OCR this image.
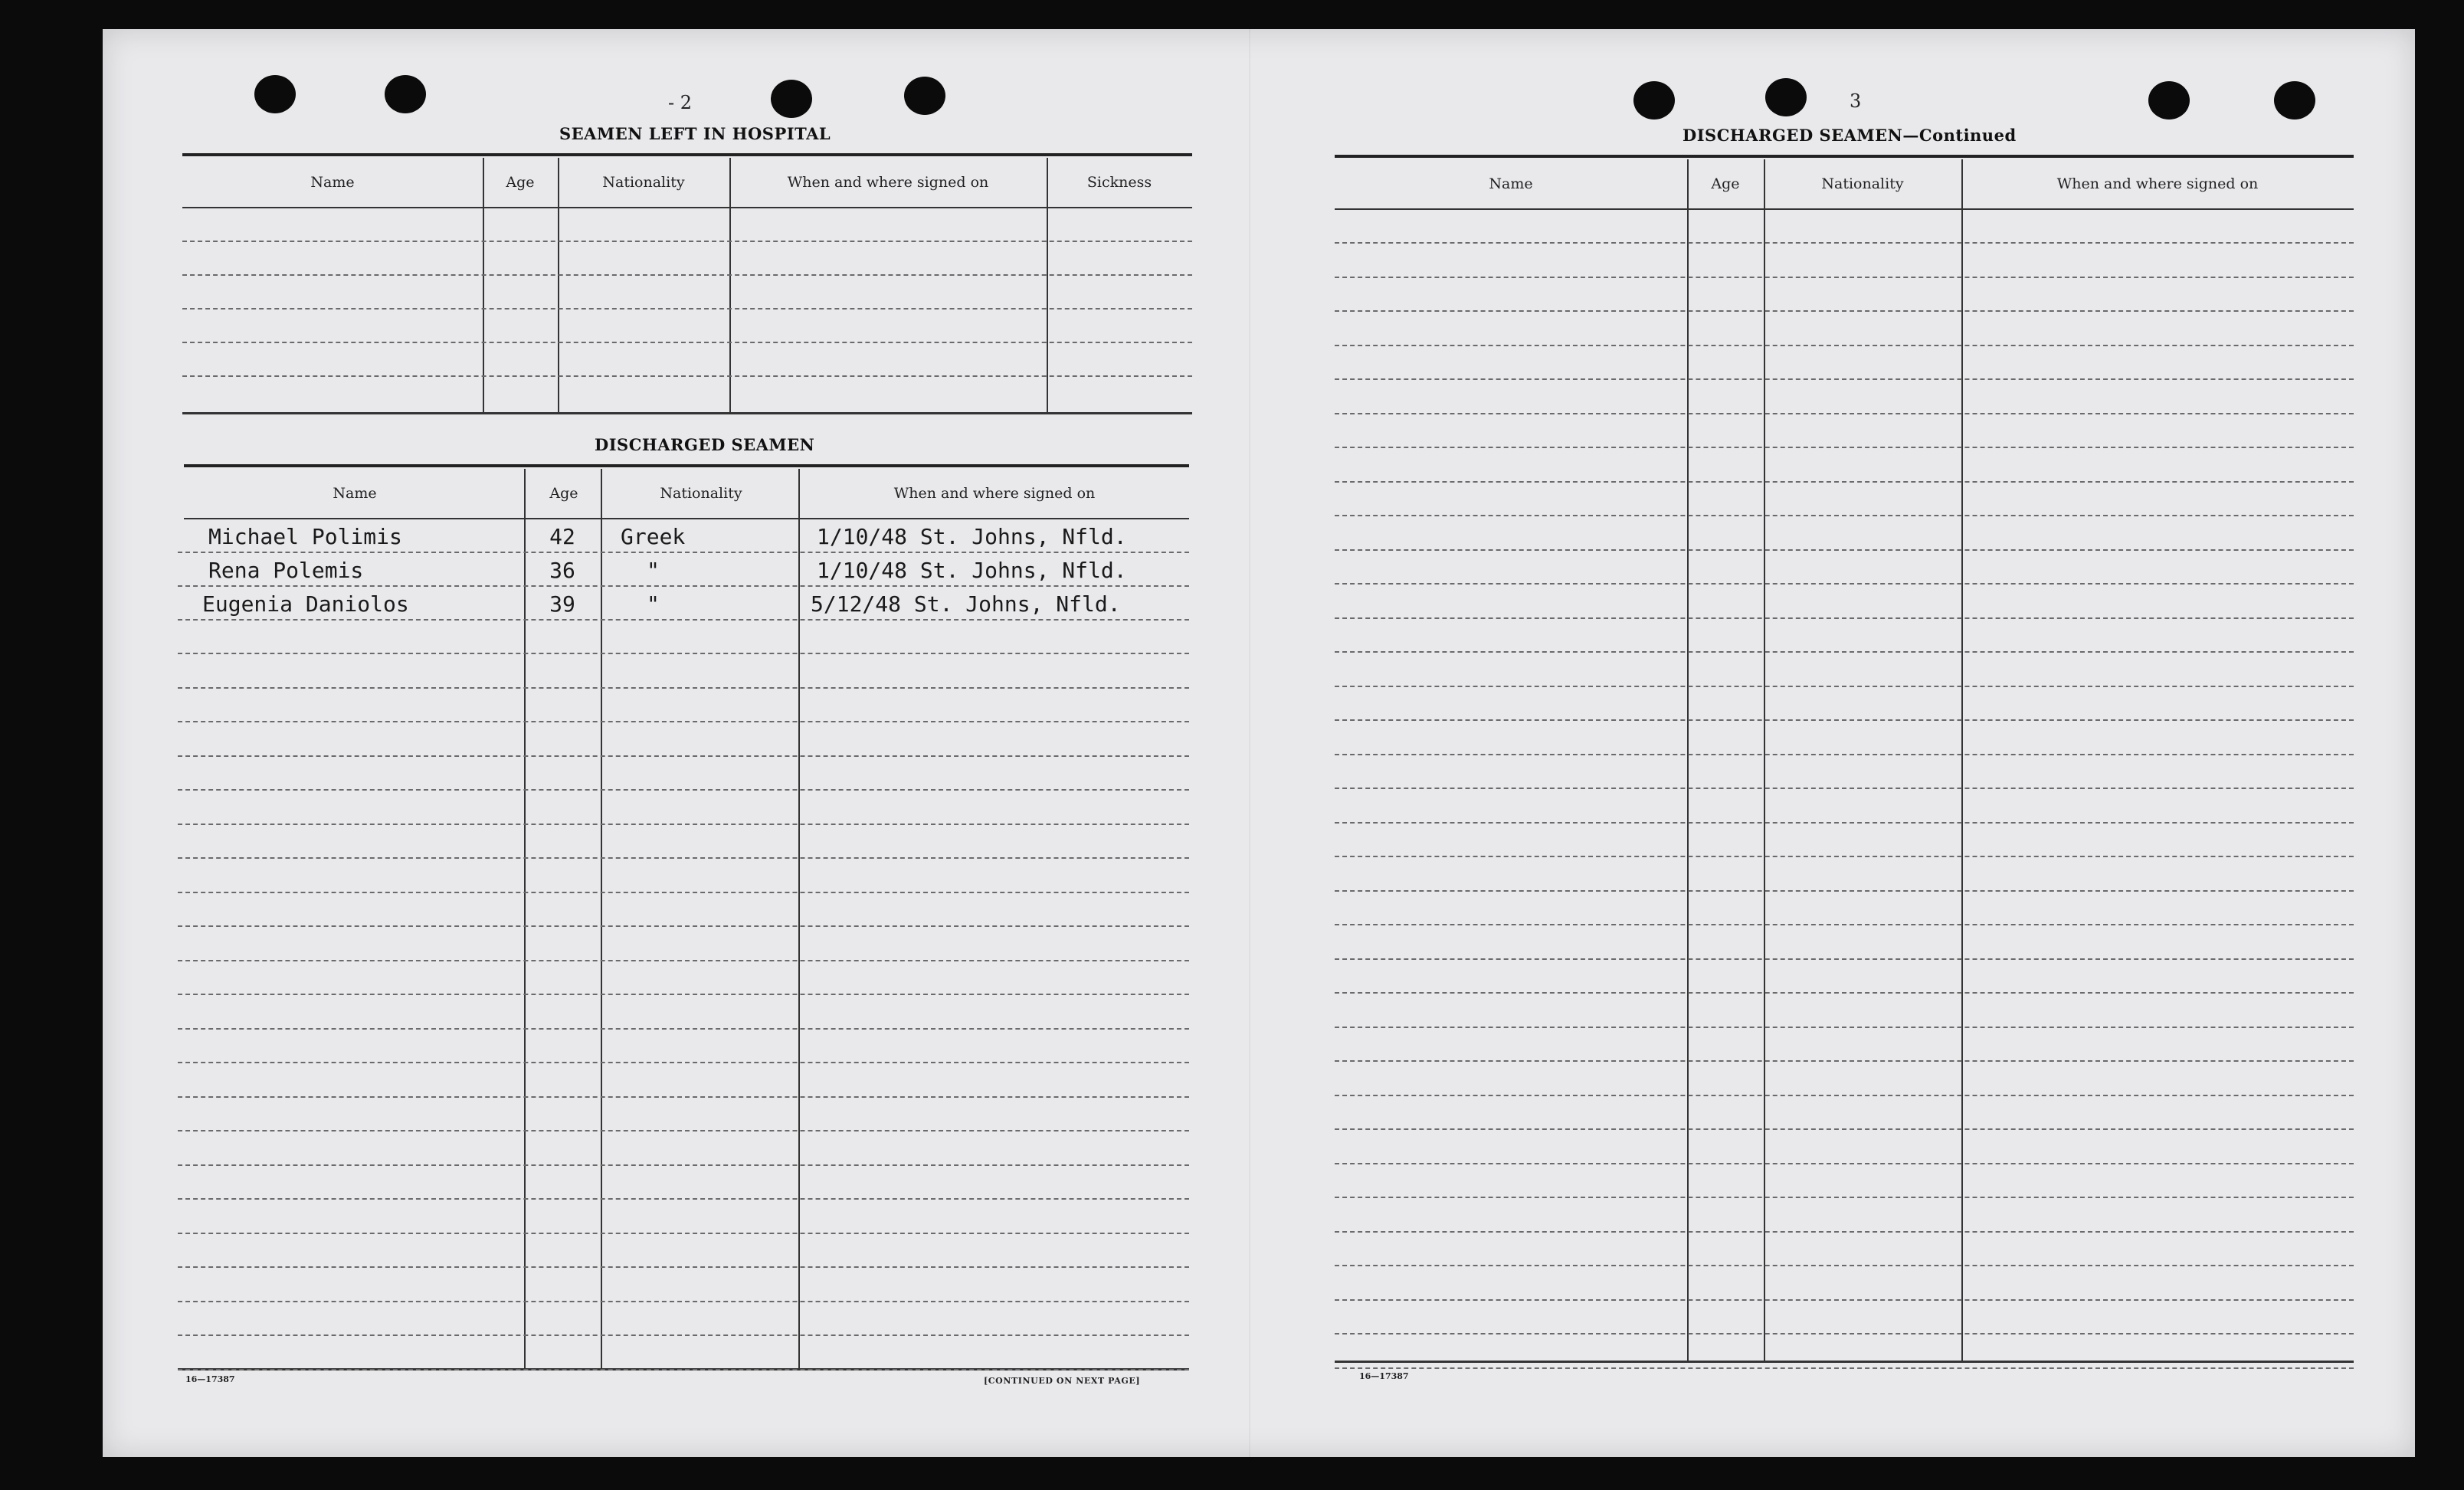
- 2
SEAMEN LEFT IN HOSPITAL
Name	Age	Nationality	When and where signed on	Sickness
DISCHARGED SEAMEN
Name	Age	Nationality	When and where signed on
Michael Polimis	42	Greek	1/10/48 St. Johns, Nfld.
Rena Polemis	36	"	1/10/48 St. Johns, Nfld.
Eugenia Daniolos	39	"	5/12/48 St. Johns, Nfld.
16—17387	[CONTINUED ON NEXT PAGE]
3
DISCHARGED SEAMEN—Continued
Name	Age	Nationality	When and where signed on
16—17387
